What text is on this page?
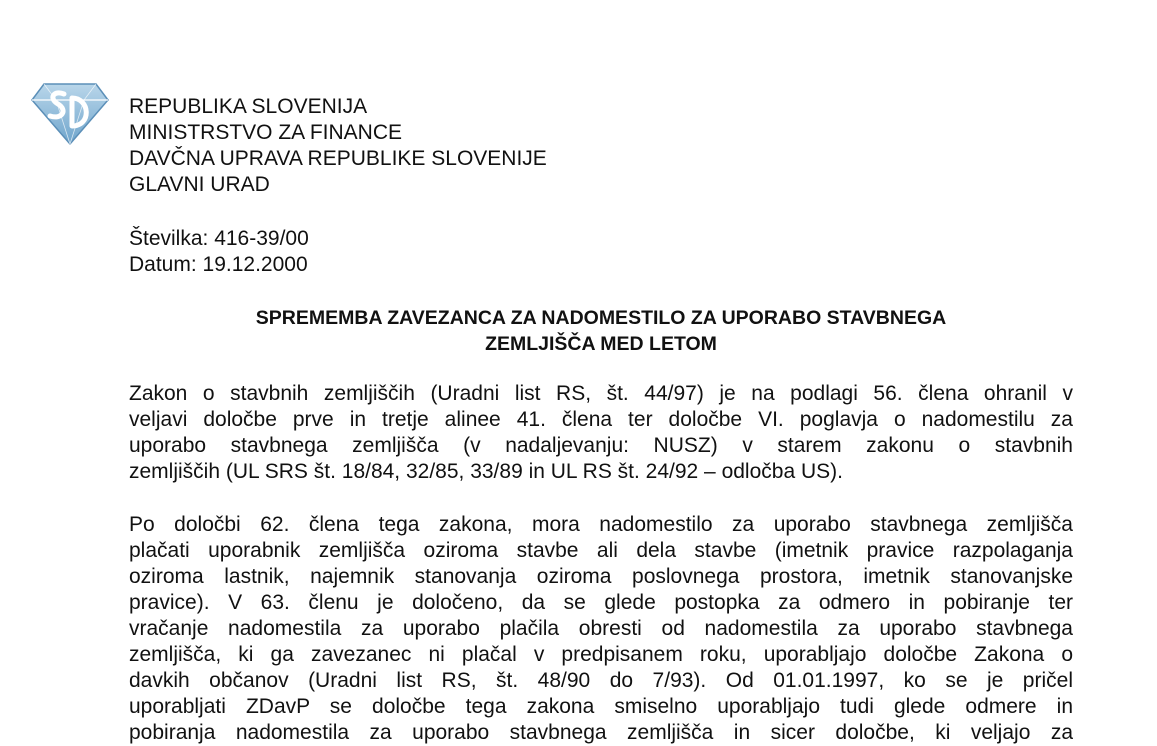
REPUBLIKA SLOVENIJA
MINISTRSTVO ZA FINANCE
DAVČNA UPRAVA REPUBLIKE SLOVENIJE
GLAVNI URAD
Številka: 416-39/00
Datum: 19.12.2000
SPREMEMBA ZAVEZANCA ZA NADOMESTILO ZA UPORABO STAVBNEGA
ZEMLJIŠČA MED LETOM
Zakon o stavbnih zemljiščih (Uradni list RS, št. 44/97) je na podlagi 56. člena ohranil v
veljavi določbe prve in tretje alinee 41. člena ter določbe VI. poglavja o nadomestilu za
uporabo stavbnega zemljišča (v nadaljevanju: NUSZ) v starem zakonu o stavbnih
zemljiščih (UL SRS št. 18/84, 32/85, 33/89 in UL RS št. 24/92 – odločba US).
Po določbi 62. člena tega zakona, mora nadomestilo za uporabo stavbnega zemljišča
plačati uporabnik zemljišča oziroma stavbe ali dela stavbe (imetnik pravice razpolaganja
oziroma lastnik, najemnik stanovanja oziroma poslovnega prostora, imetnik stanovanjske
pravice). V 63. členu je določeno, da se glede postopka za odmero in pobiranje ter
vračanje nadomestila za uporabo plačila obresti od nadomestila za uporabo stavbnega
zemljišča, ki ga zavezanec ni plačal v predpisanem roku, uporabljajo določbe Zakona o
davkih občanov (Uradni list RS, št. 48/90 do 7/93). Od 01.01.1997, ko se je pričel
uporabljati ZDavP se določbe tega zakona smiselno uporabljajo tudi glede odmere in
pobiranja nadomestila za uporabo stavbnega zemljišča in sicer določbe, ki veljajo za
